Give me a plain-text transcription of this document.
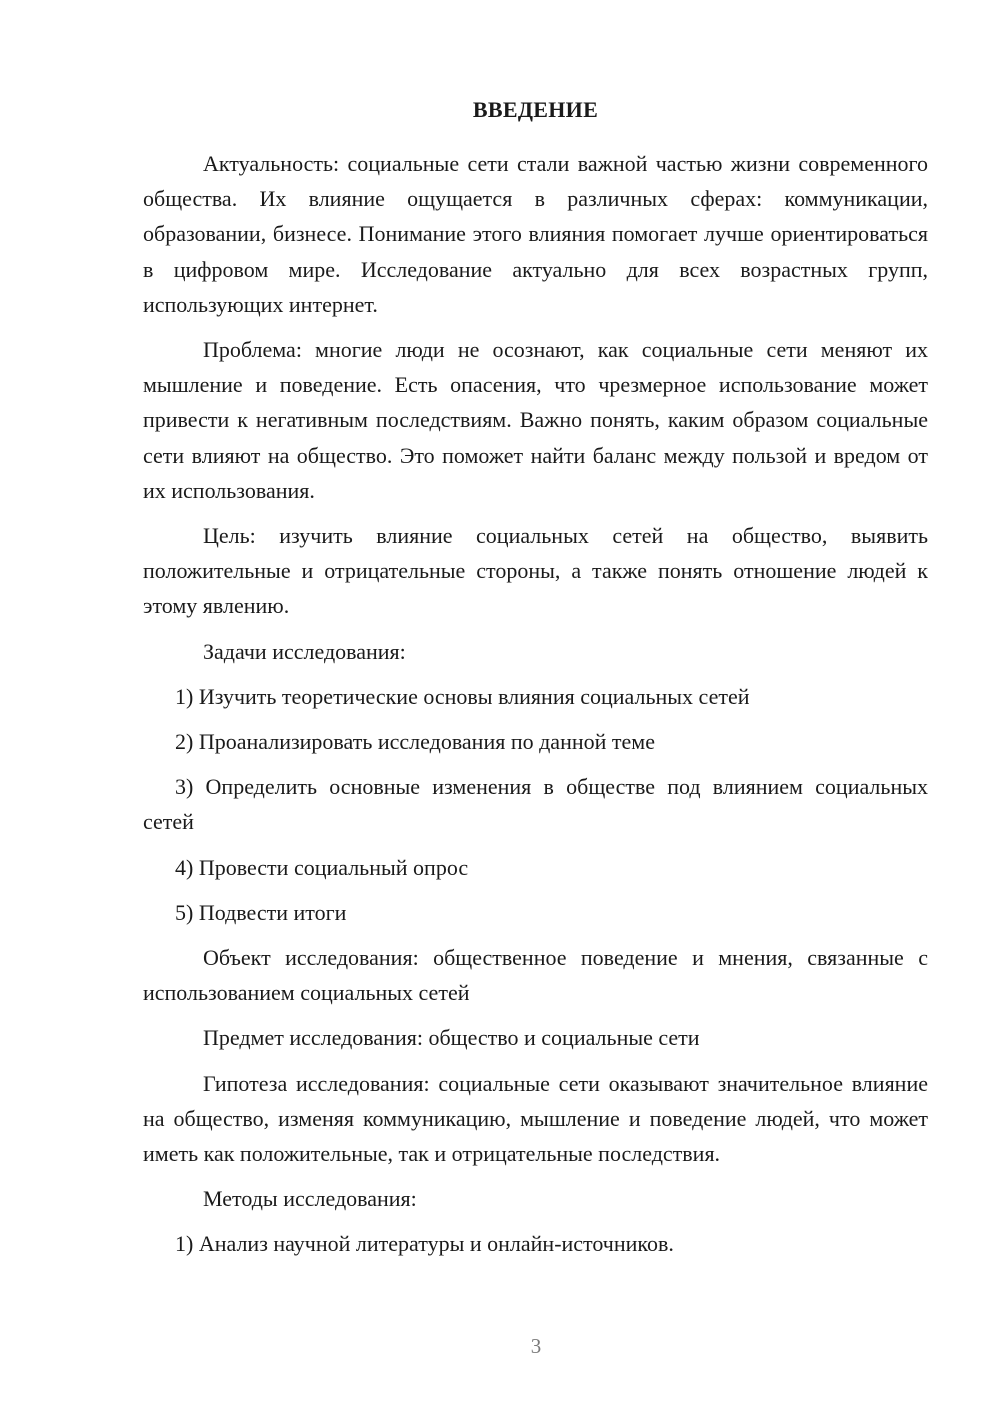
ВВЕДЕНИЕ

Актуальность: социальные сети стали важной частью жизни современного общества. Их влияние ощущается в различных сферах: коммуникации, образовании, бизнесе. Понимание этого влияния помогает лучше ориентироваться в цифровом мире. Исследование актуально для всех возрастных групп, использующих интернет.

Проблема: многие люди не осознают, как социальные сети меняют их мышление и поведение. Есть опасения, что чрезмерное использование может привести к негативным последствиям. Важно понять, каким образом социальные сети влияют на общество. Это поможет найти баланс между пользой и вредом от их использования.

Цель: изучить влияние социальных сетей на общество, выявить положительные и отрицательные стороны, а также понять отношение людей к этому явлению.

Задачи исследования:

1) Изучить теоретические основы влияния социальных сетей

2) Проанализировать исследования по данной теме

3) Определить основные изменения в обществе под влиянием социальных сетей

4) Провести социальный опрос

5) Подвести итоги

Объект исследования: общественное поведение и мнения, связанные с использованием социальных сетей

Предмет исследования: общество и социальные сети

Гипотеза исследования: социальные сети оказывают значительное влияние на общество, изменяя коммуникацию, мышление и поведение людей, что может иметь как положительные, так и отрицательные последствия.

Методы исследования:

1) Анализ научной литературы и онлайн-источников.

3
